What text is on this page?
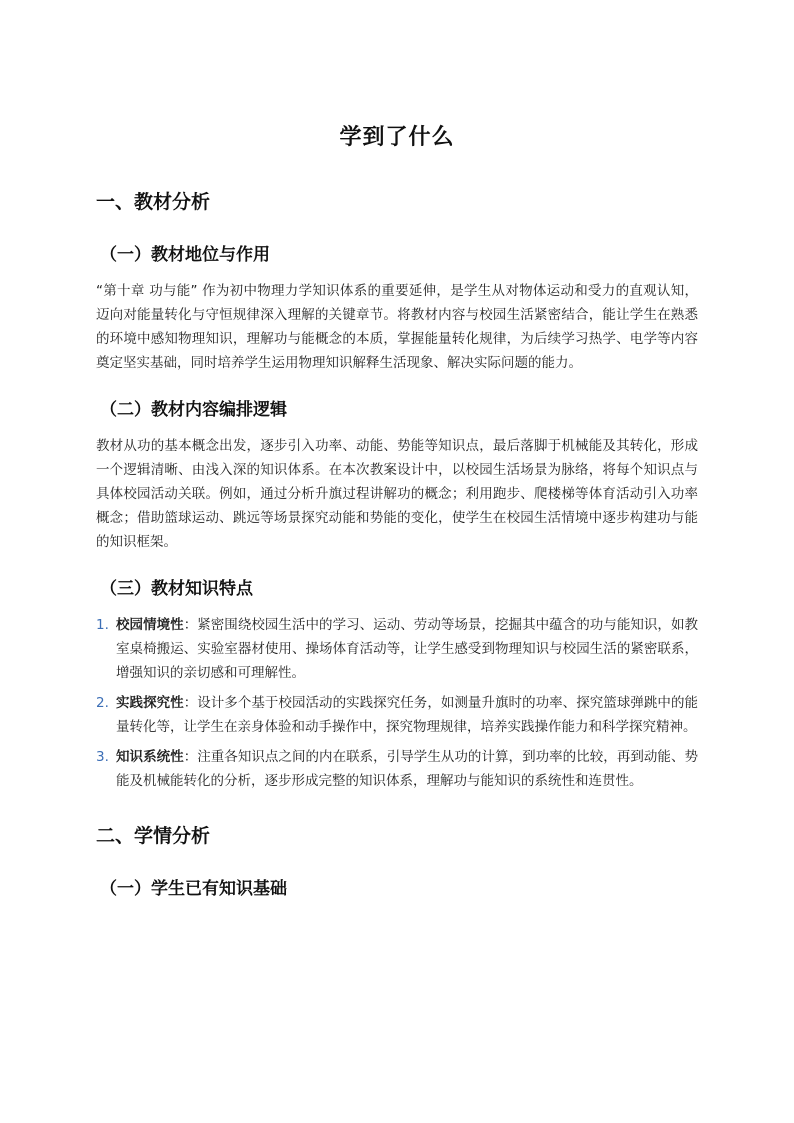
学到了什么
一、教材分析
（一）教材地位与作用

“第十章 功与能” 作为初中物理力学知识体系的重要延伸，是学生从对物体运动和受力的直观认知，迈向对能量转化与守恒规律深入理解的关键章节。将教材内容与校园生活紧密结合，能让学生在熟悉的环境中感知物理知识，理解功与能概念的本质，掌握能量转化规律，为后续学习热学、电学等内容奠定坚实基础，同时培养学生运用物理知识解释生活现象、解决实际问题的能力。

（二）教材内容编排逻辑

教材从功的基本概念出发，逐步引入功率、动能、势能等知识点，最后落脚于机械能及其转化，形成一个逻辑清晰、由浅入深的知识体系。在本次教案设计中，以校园生活场景为脉络，将每个知识点与具体校园活动关联。例如，通过分析升旗过程讲解功的概念；利用跑步、爬楼梯等体育活动引入功率概念；借助篮球运动、跳远等场景探究动能和势能的变化，使学生在校园生活情境中逐步构建功与能的知识框架。

（三）教材知识特点
1. 校园情境性：紧密围绕校园生活中的学习、运动、劳动等场景，挖掘其中蕴含的功与能知识，如教室桌椅搬运、实验室器材使用、操场体育活动等，让学生感受到物理知识与校园生活的紧密联系，增强知识的亲切感和可理解性。
2. 实践探究性：设计多个基于校园活动的实践探究任务，如测量升旗时的功率、探究篮球弹跳中的能量转化等，让学生在亲身体验和动手操作中，探究物理规律，培养实践操作能力和科学探究精神。
3. 知识系统性：注重各知识点之间的内在联系，引导学生从功的计算，到功率的比较，再到动能、势能及机械能转化的分析，逐步形成完整的知识体系，理解功与能知识的系统性和连贯性。
二、学情分析
（一）学生已有知识基础
